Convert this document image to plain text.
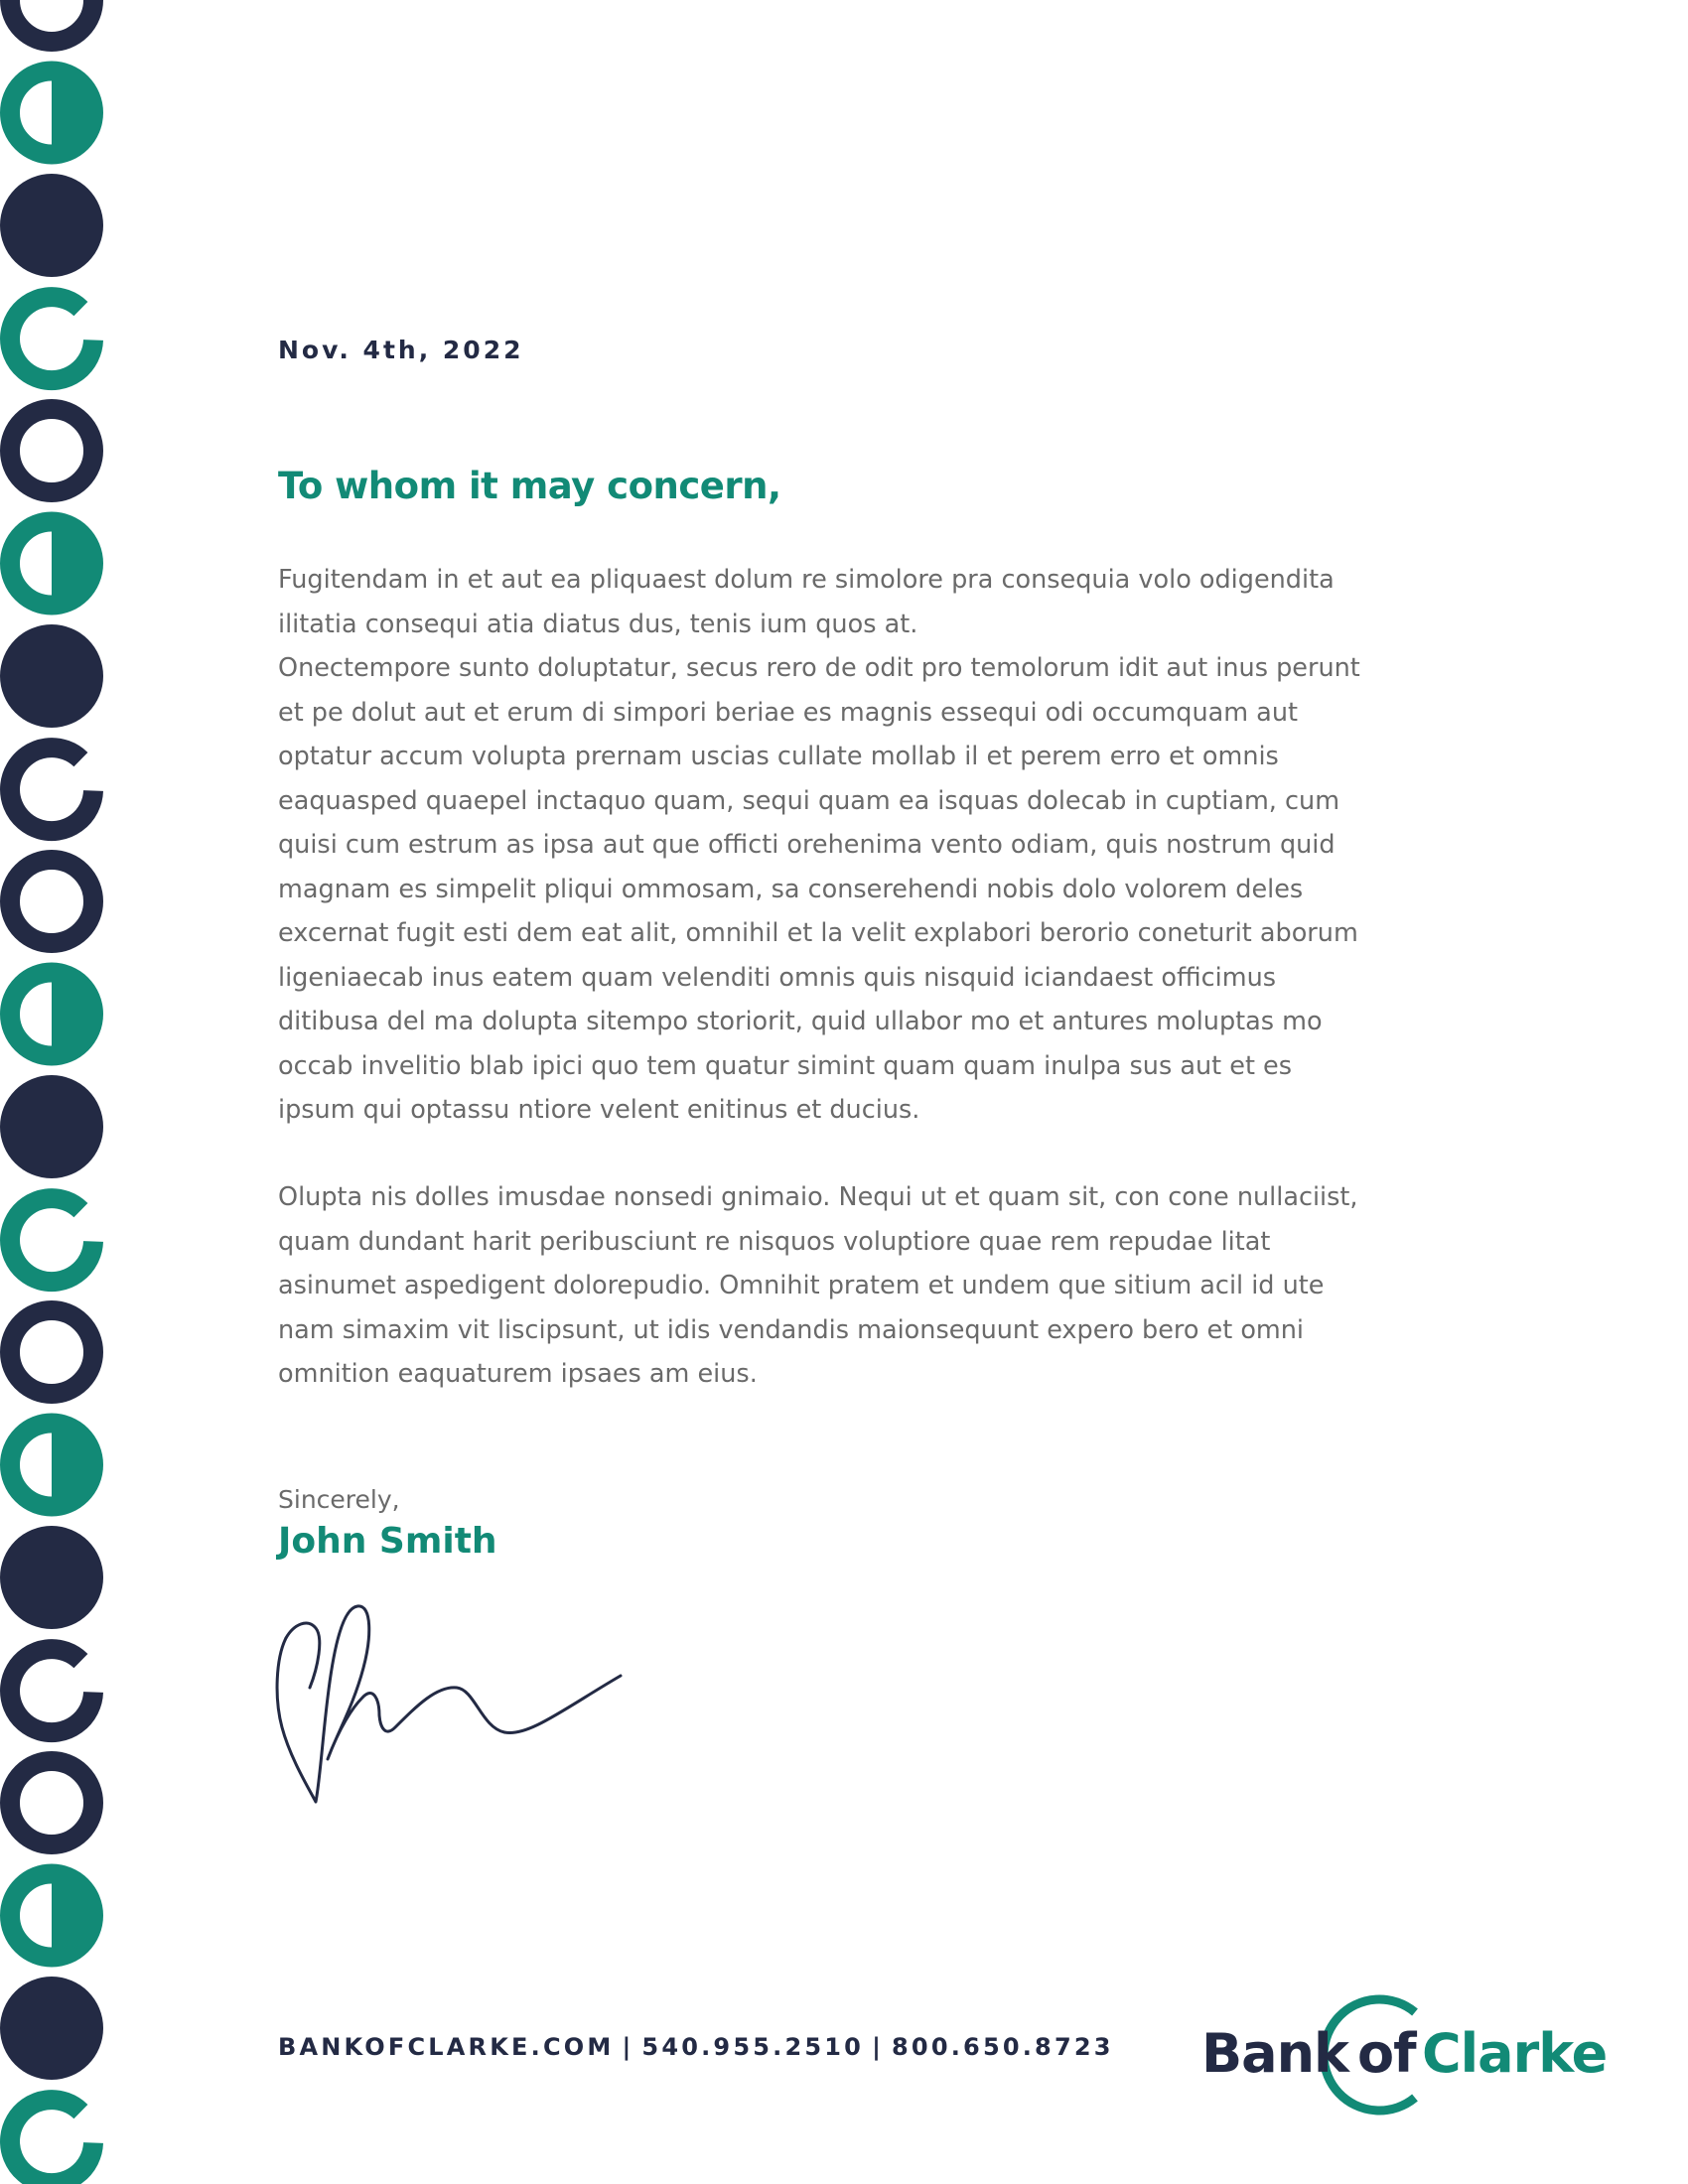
Nov. 4th, 2022
To whom it may concern,

Fugitendam in et aut ea pliquaest dolum re simolore pra consequia volo odigendita ilitatia consequi atia diatus dus, tenis ium quos at.

Onectempore sunto doluptatur, secus rero de odit pro temolorum idit aut inus perunt et pe dolut aut et erum di simpori beriae es magnis essequi odi occumquam aut optatur accum volupta prernam uscias cullate mollab il et perem erro et omnis eaquasped quaepel inctaquo quam, sequi quam ea isquas dolecab in cuptiam, cum quisi cum estrum as ipsa aut que officti orehenima vento odiam, quis nostrum quid magnam es simpelit pliqui ommosam, sa conserehendi nobis dolo volorem deles excernat fugit esti dem eat alit, omnihil et la velit explabori berorio coneturit aborum ligeniaecab inus eatem quam velenditi omnis quis nisquid iciandaest officimus ditibusa del ma dolupta sitempo storiorit, quid ullabor mo et antures moluptas mo occab invelitio blab ipici quo tem quatur simint quam quam inulpa sus aut et es ipsum qui optassu ntiore velent enitinus et ducius.

Olupta nis dolles imusdae nonsedi gnimaio. Nequi ut et quam sit, con cone nullaciist, quam dundant harit peribusciunt re nisquos voluptiore quae rem repudae litat asinumet aspedigent dolorepudio. Omnihit pratem et undem que sitium acil id ute nam simaxim vit liscipsunt, ut idis vendandis maionsequunt expero bero et omni omnition eaquaturem ipsaes am eius.

Sincerely,
John Smith
BANKOFCLARKE.COM | 540.955.2510 | 800.650.8723 Bank of Clarke
